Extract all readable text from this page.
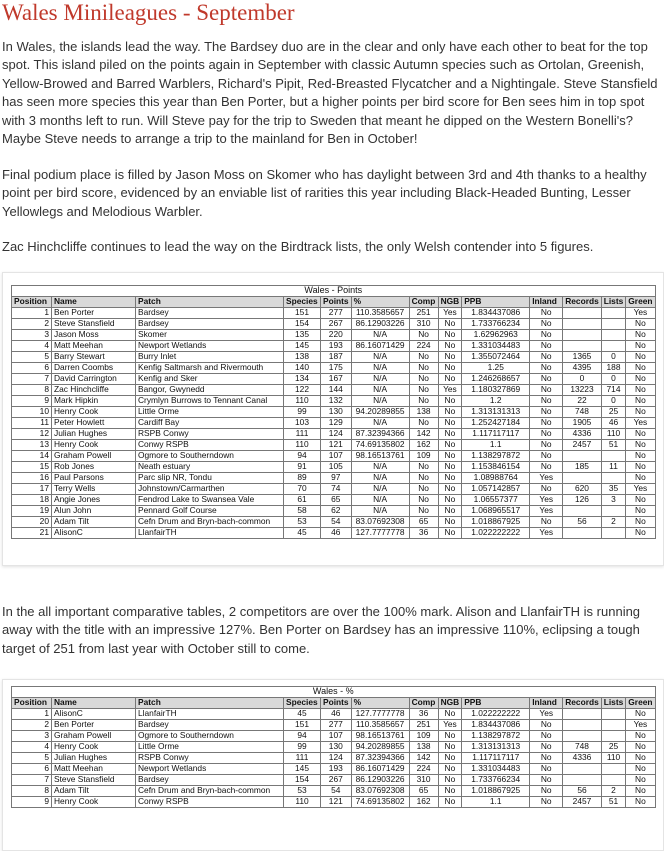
Wales Minileagues - September

In Wales, the islands lead the way. The Bardsey duo are in the clear and only have each other to beat for the top spot. This island piled on the points again in September with classic Autumn species such as Ortolan, Greenish, Yellow-Browed and Barred Warblers, Richard's Pipit, Red-Breasted Flycatcher and a Nightingale. Steve Stansfield has seen more species this year than Ben Porter, but a higher points per bird score for Ben sees him in top spot with 3 months left to run. Will Steve pay for the trip to Sweden that meant he dipped on the Western Bonelli's? Maybe Steve needs to arrange a trip to the mainland for Ben in October!

Final podium place is filled by Jason Moss on Skomer who has daylight between 3rd and 4th thanks to a healthy point per bird score, evidenced by an enviable list of rarities this year including Black-Headed Bunting, Lesser Yellowlegs and Melodious Warbler.

Zac Hinchcliffe continues to lead the way on the Birdtrack lists, the only Welsh contender into 5 figures.

Wales - Points												
Position	Name	Patch	Species	Points	%	Comp	NGB	PPB	Inland	Records	Lists	Green
1	Ben Porter	Bardsey	151	277	110.3585657	251	Yes	1.834437086	No			Yes
2	Steve Stansfield	Bardsey	154	267	86.12903226	310	No	1.733766234	No			No
3	Jason Moss	Skomer	135	220	N/A	No	No	1.62962963	No			No
4	Matt Meehan	Newport Wetlands	145	193	86.16071429	224	No	1.331034483	No			No
5	Barry Stewart	Burry Inlet	138	187	N/A	No	No	1.355072464	No	1365	0	No
6	Darren Coombs	Kenfig Saltmarsh and Rivermouth	140	175	N/A	No	No	1.25	No	4395	188	No
7	David Carrington	Kenfig and Sker	134	167	N/A	No	No	1.246268657	No	0	0	No
8	Zac Hinchcliffe	Bangor, Gwynedd	122	144	N/A	No	Yes	1.180327869	No	13223	714	No
9	Mark Hipkin	Crymlyn Burrows to Tennant Canal	110	132	N/A	No	No	1.2	No	22	0	No
10	Henry Cook	Little Orme	99	130	94.20289855	138	No	1.313131313	No	748	25	No
11	Peter Howlett	Cardiff Bay	103	129	N/A	No	No	1.252427184	No	1905	46	Yes
12	Julian Hughes	RSPB Conwy	111	124	87.32394366	142	No	1.117117117	No	4336	110	No
13	Henry Cook	Conwy RSPB	110	121	74.69135802	162	No	1.1	No	2457	51	No
14	Graham Powell	Ogmore to Southerndown	94	107	98.16513761	109	No	1.138297872	No			No
15	Rob Jones	Neath estuary	91	105	N/A	No	No	1.153846154	No	185	11	No
16	Paul Parsons	Parc slip NR, Tondu	89	97	N/A	No	No	1.08988764	Yes			No
17	Terry Wells	Johnstown/Carmarthen	70	74	N/A	No	No	1.057142857	No	620	35	Yes
18	Angie Jones	Fendrod Lake to Swansea Vale	61	65	N/A	No	No	1.06557377	Yes	126	3	No
19	Alun John	Pennard Golf Course	58	62	N/A	No	No	1.068965517	Yes			No
20	Adam Tilt	Cefn Drum and Bryn-bach-common	53	54	83.07692308	65	No	1.018867925	No	56	2	No
21	AlisonC	LlanfairTH	45	46	127.7777778	36	No	1.022222222	Yes			No

In the all important comparative tables, 2 competitors are over the 100% mark. Alison and LlanfairTH is running away with the title with an impressive 127%. Ben Porter on Bardsey has an impressive 110%, eclipsing a tough target of 251 from last year with October still to come.

Wales - %												
Position	Name	Patch	Species	Points	%	Comp	NGB	PPB	Inland	Records	Lists	Green
1	AlisonC	LlanfairTH	45	46	127.7777778	36	No	1.022222222	Yes			No
2	Ben Porter	Bardsey	151	277	110.3585657	251	Yes	1.834437086	No			Yes
3	Graham Powell	Ogmore to Southerndown	94	107	98.16513761	109	No	1.138297872	No			No
4	Henry Cook	Little Orme	99	130	94.20289855	138	No	1.313131313	No	748	25	No
5	Julian Hughes	RSPB Conwy	111	124	87.32394366	142	No	1.117117117	No	4336	110	No
6	Matt Meehan	Newport Wetlands	145	193	86.16071429	224	No	1.331034483	No			No
7	Steve Stansfield	Bardsey	154	267	86.12903226	310	No	1.733766234	No			No
8	Adam Tilt	Cefn Drum and Bryn-bach-common	53	54	83.07692308	65	No	1.018867925	No	56	2	No
9	Henry Cook	Conwy RSPB	110	121	74.69135802	162	No	1.1	No	2457	51	No
